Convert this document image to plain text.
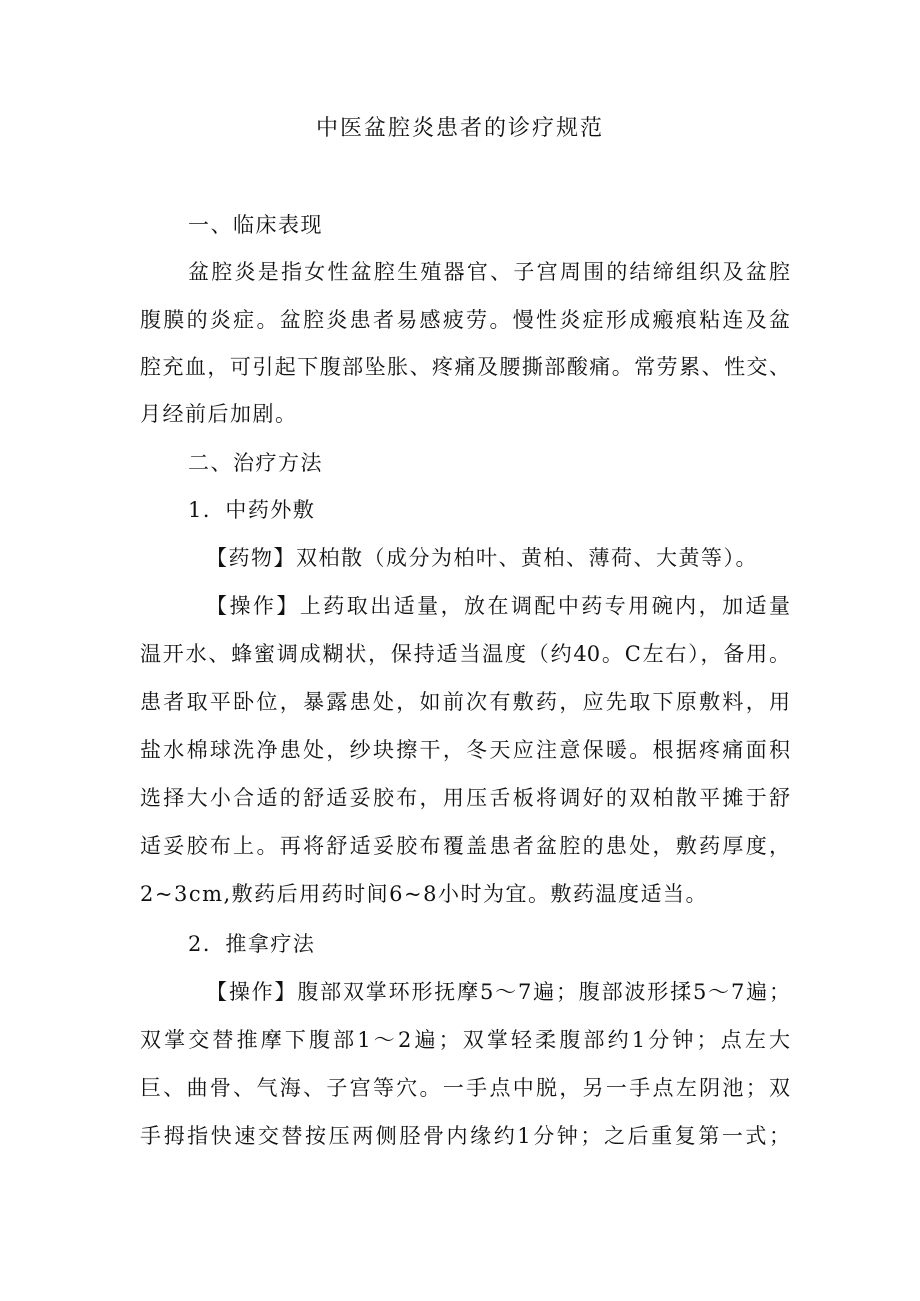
中医盆腔炎患者的诊疗规范
一、临床表现
盆腔炎是指女性盆腔生殖器官、子宫周围的结缔组织及盆腔
腹膜的炎症。盆腔炎患者易感疲劳。慢性炎症形成瘢痕粘连及盆
腔充血，可引起下腹部坠胀、疼痛及腰撕部酸痛。常劳累、性交、
月经前后加剧。
二、治疗方法
1．中药外敷
【药物】双柏散（成分为柏叶、黄柏、薄荷、大黄等）。
【操作】上药取出适量，放在调配中药专用碗内，加适量
温开水、蜂蜜调成糊状，保持适当温度（约40。C左右），备用。
患者取平卧位，暴露患处，如前次有敷药，应先取下原敷料，用
盐水棉球洗净患处，纱块擦干，冬天应注意保暖。根据疼痛面积
选择大小合适的舒适妥胶布，用压舌板将调好的双柏散平摊于舒
适妥胶布上。再将舒适妥胶布覆盖患者盆腔的患处，敷药厚度，
2~3cm,敷药后用药时间6~8小时为宜。敷药温度适当。
2．推拿疗法
【操作】腹部双掌环形抚摩5～7遍；腹部波形揉5～7遍；
双掌交替推摩下腹部1～2遍；双掌轻柔腹部约1分钟；点左大
巨、曲骨、气海、子宫等穴。一手点中脱，另一手点左阴池；双
手拇指快速交替按压两侧胫骨内缘约1分钟；之后重复第一式；
